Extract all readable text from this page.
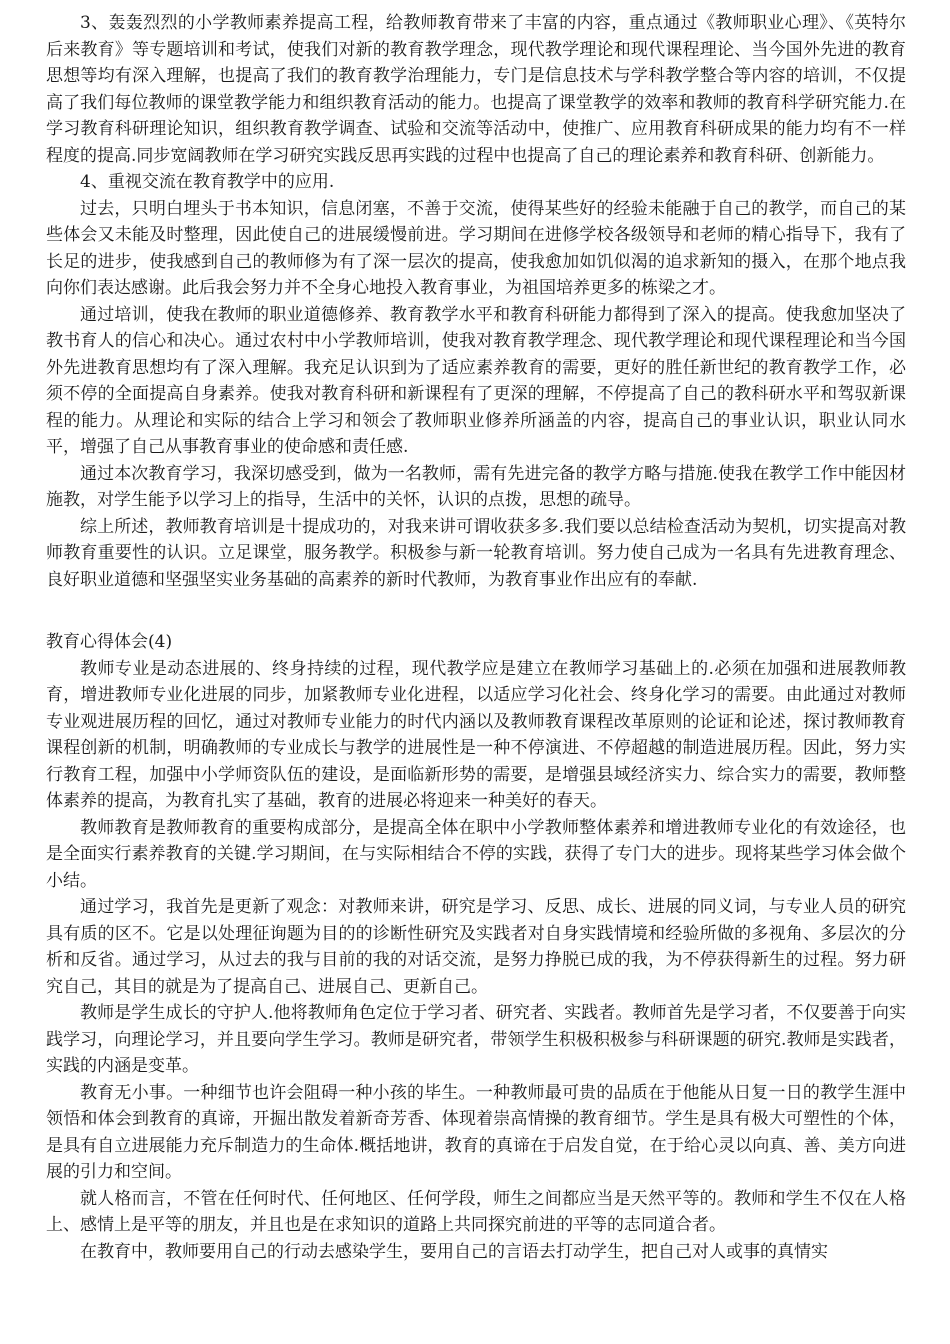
3、轰轰烈烈的小学教师素养提高工程，给教师教育带来了丰富的内容，重点通过《教师职业心理》、《英特尔后来教育》等专题培训和考试，使我们对新的教育教学理念，现代教学理论和现代课程理论、当今国外先进的教育思想等均有深入理解，也提高了我们的教育教学治理能力，专门是信息技术与学科教学整合等内容的培训，不仅提高了我们每位教师的课堂教学能力和组织教育活动的能力。也提高了课堂教学的效率和教师的教育科学研究能力.在学习教育科研理论知识，组织教育教学调查、试验和交流等活动中，使推广、应用教育科研成果的能力均有不一样程度的提高.同步宽阔教师在学习研究实践反思再实践的过程中也提高了自己的理论素养和教育科研、创新能力。

4、重视交流在教育教学中的应用.

过去，只明白埋头于书本知识，信息闭塞，不善于交流，使得某些好的经验未能融于自己的教学，而自己的某些体会又未能及时整理，因此使自己的进展缓慢前进。学习期间在进修学校各级领导和老师的精心指导下，我有了长足的进步，使我感到自己的教师修为有了深一层次的提高，使我愈加如饥似渴的追求新知的摄入，在那个地点我向你们表达感谢。此后我会努力并不全身心地投入教育事业，为祖国培养更多的栋梁之才。

通过培训，使我在教师的职业道德修养、教育教学水平和教育科研能力都得到了深入的提高。使我愈加坚决了教书育人的信心和决心。通过农村中小学教师培训，使我对教育教学理念、现代教学理论和现代课程理论和当今国外先进教育思想均有了深入理解。我充足认识到为了适应素养教育的需要，更好的胜任新世纪的教育教学工作，必须不停的全面提高自身素养。使我对教育科研和新课程有了更深的理解，不停提高了自己的教科研水平和驾驭新课程的能力。从理论和实际的结合上学习和领会了教师职业修养所涵盖的内容，提高自己的事业认识，职业认同水平，增强了自己从事教育事业的使命感和责任感.

通过本次教育学习，我深切感受到，做为一名教师，需有先进完备的教学方略与措施.使我在教学工作中能因材施教，对学生能予以学习上的指导，生活中的关怀，认识的点拨，思想的疏导。

综上所述，教师教育培训是十提成功的，对我来讲可谓收获多多.我们要以总结检查活动为契机，切实提高对教师教育重要性的认识。立足课堂，服务教学。积极参与新一轮教育培训。努力使自己成为一名具有先进教育理念、良好职业道德和坚强坚实业务基础的高素养的新时代教师，为教育事业作出应有的奉献.

教育心得体会(4)

教师专业是动态进展的、终身持续的过程，现代教学应是建立在教师学习基础上的.必须在加强和进展教师教育，增进教师专业化进展的同步，加紧教师专业化进程，以适应学习化社会、终身化学习的需要。由此通过对教师专业观进展历程的回忆，通过对教师专业能力的时代内涵以及教师教育课程改革原则的论证和论述，探讨教师教育课程创新的机制，明确教师的专业成长与教学的进展性是一种不停演进、不停超越的制造进展历程。因此，努力实行教育工程，加强中小学师资队伍的建设，是面临新形势的需要，是增强县域经济实力、综合实力的需要，教师整体素养的提高，为教育扎实了基础，教育的进展必将迎来一种美好的春天。

教师教育是教师教育的重要构成部分，是提高全体在职中小学教师整体素养和增进教师专业化的有效途径，也是全面实行素养教育的关键.学习期间，在与实际相结合不停的实践，获得了专门大的进步。现将某些学习体会做个小结。

通过学习，我首先是更新了观念：对教师来讲，研究是学习、反思、成长、进展的同义词，与专业人员的研究具有质的区不。它是以处理征询题为目的的诊断性研究及实践者对自身实践情境和经验所做的多视角、多层次的分析和反省。通过学习，从过去的我与目前的我的对话交流，是努力挣脱已成的我，为不停获得新生的过程。努力研究自己，其目的就是为了提高自己、进展自己、更新自己。

教师是学生成长的守护人.他将教师角色定位于学习者、研究者、实践者。教师首先是学习者，不仅要善于向实践学习，向理论学习，并且要向学生学习。教师是研究者，带领学生积极积极参与科研课题的研究.教师是实践者，实践的内涵是变革。

教育无小事。一种细节也许会阻碍一种小孩的毕生。一种教师最可贵的品质在于他能从日复一日的教学生涯中领悟和体会到教育的真谛，开掘出散发着新奇芳香、体现着崇高情操的教育细节。学生是具有极大可塑性的个体，是具有自立进展能力充斥制造力的生命体.概括地讲，教育的真谛在于启发自觉，在于给心灵以向真、善、美方向进展的引力和空间。

就人格而言，不管在任何时代、任何地区、任何学段，师生之间都应当是天然平等的。教师和学生不仅在人格上、感情上是平等的朋友，并且也是在求知识的道路上共同探究前进的平等的志同道合者。

在教育中，教师要用自己的行动去感染学生，要用自己的言语去打动学生，把自己对人或事的真情实
